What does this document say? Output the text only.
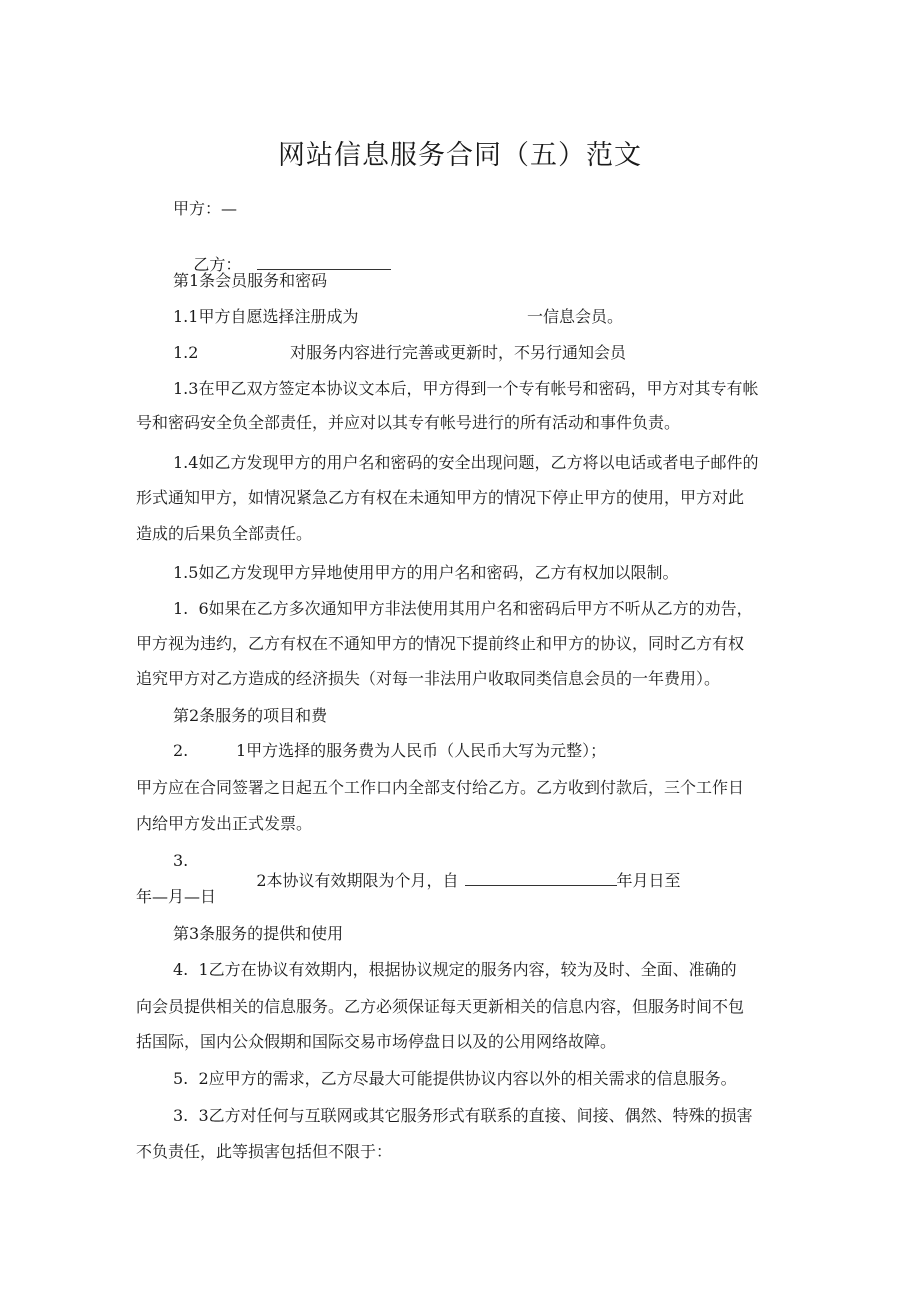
网站信息服务合同（五）范文
甲方：—

乙方：

第1条会员服务和密码
1.1甲方自愿选择注册成为	一信息会员。
1.2	对服务内容进行完善或更新时，不另行通知会员
1.3在甲乙双方签定本协议文本后，甲方得到一个专有帐号和密码，甲方对其专有帐
号和密码安全负全部责任，并应对以其专有帐号进行的所有活动和事件负责。
1.4如乙方发现甲方的用户名和密码的安全出现问题，乙方将以电话或者电子邮件的
形式通知甲方，如情况紧急乙方有权在未通知甲方的情况下停止甲方的使用，甲方对此
造成的后果负全部责任。
1.5如乙方发现甲方异地使用甲方的用户名和密码，乙方有权加以限制。
1.  6如果在乙方多次通知甲方非法使用其用户名和密码后甲方不听从乙方的劝告，
甲方视为违约，乙方有权在不通知甲方的情况下提前终止和甲方的协议，同时乙方有权
追究甲方对乙方造成的经济损失（对每一非法用户收取同类信息会员的一年费用）。
第2条服务的项目和费
2.	1甲方选择的服务费为人民币（人民币大写为元整）；
甲方应在合同签署之日起五个工作口内全部支付给乙方。乙方收到付款后，三个工作日
内给甲方发出正式发票。
3.

2本协议有效期限为个月，自	年月日至

年—月—日
第3条服务的提供和使用
4.  1乙方在协议有效期内，根据协议规定的服务内容，较为及时、全面、准确的
向会员提供相关的信息服务。乙方必须保证每天更新相关的信息内容，但服务时间不包
括国际，国内公众假期和国际交易市场停盘日以及的公用网络故障。
5.  2应甲方的需求，乙方尽最大可能提供协议内容以外的相关需求的信息服务。
3.  3乙方对任何与互联网或其它服务形式有联系的直接、间接、偶然、特殊的损害
不负责任，此等损害包括但不限于：
